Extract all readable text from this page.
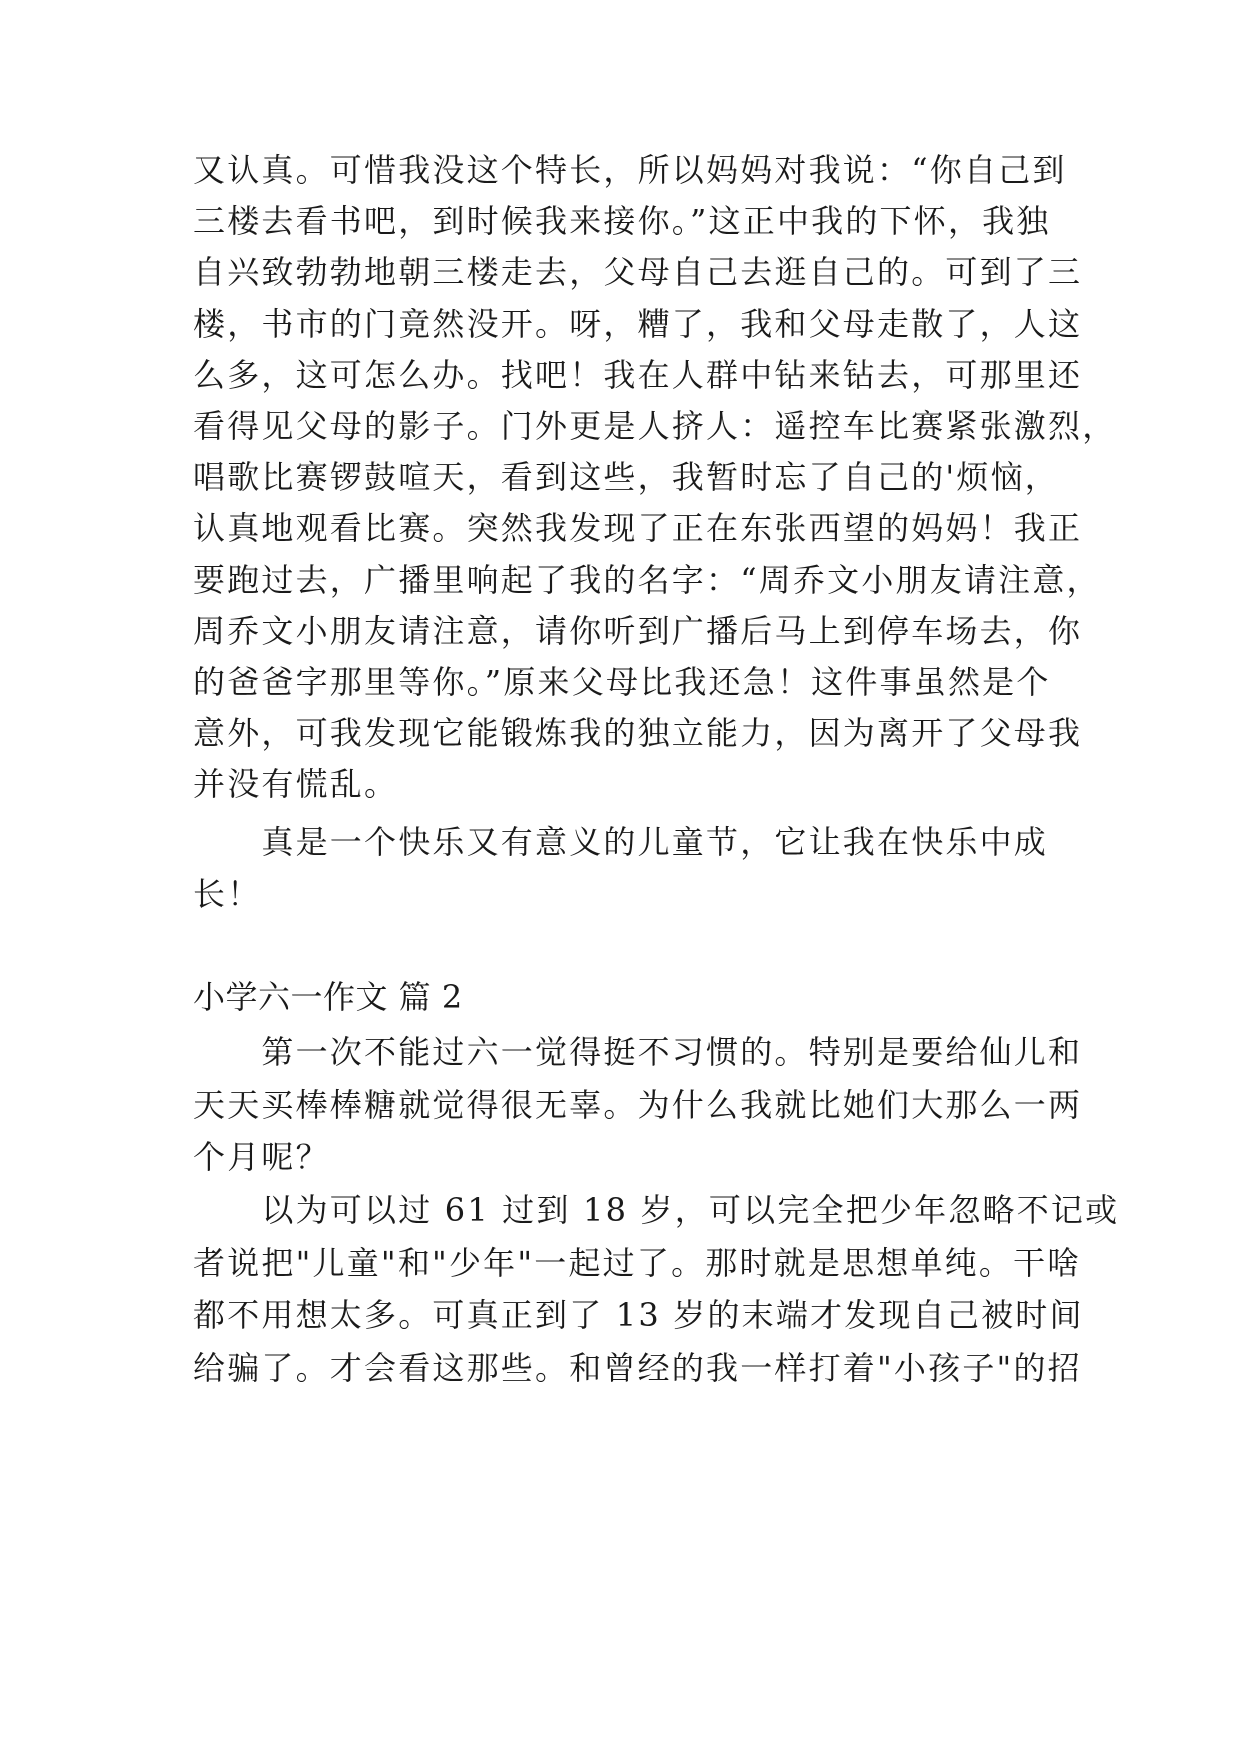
又认真。可惜我没这个特长，所以妈妈对我说：“你自己到
三楼去看书吧，到时候我来接你。”这正中我的下怀，我独
自兴致勃勃地朝三楼走去，父母自己去逛自己的。可到了三
楼，书市的门竟然没开。呀，糟了，我和父母走散了，人这
么多，这可怎么办。找吧！我在人群中钻来钻去，可那里还
看得见父母的影子。门外更是人挤人：遥控车比赛紧张激烈，
唱歌比赛锣鼓喧天，看到这些，我暂时忘了自己的'烦恼，
认真地观看比赛。突然我发现了正在东张西望的妈妈！我正
要跑过去，广播里响起了我的名字：“周乔文小朋友请注意，
周乔文小朋友请注意，请你听到广播后马上到停车场去，你
的爸爸字那里等你。”原来父母比我还急！这件事虽然是个
意外，可我发现它能锻炼我的独立能力，因为离开了父母我
并没有慌乱。
　　真是一个快乐又有意义的儿童节，它让我在快乐中成
长！
小学六一作文 篇 2
　　第一次不能过六一觉得挺不习惯的。特别是要给仙儿和
天天买棒棒糖就觉得很无辜。为什么我就比她们大那么一两
个月呢？
　　以为可以过 61 过到 18 岁，可以完全把少年忽略不记或
者说把"儿童"和"少年"一起过了。那时就是思想单纯。干啥
都不用想太多。可真正到了 13 岁的末端才发现自己被时间
给骗了。才会看这那些。和曾经的我一样打着"小孩子"的招
